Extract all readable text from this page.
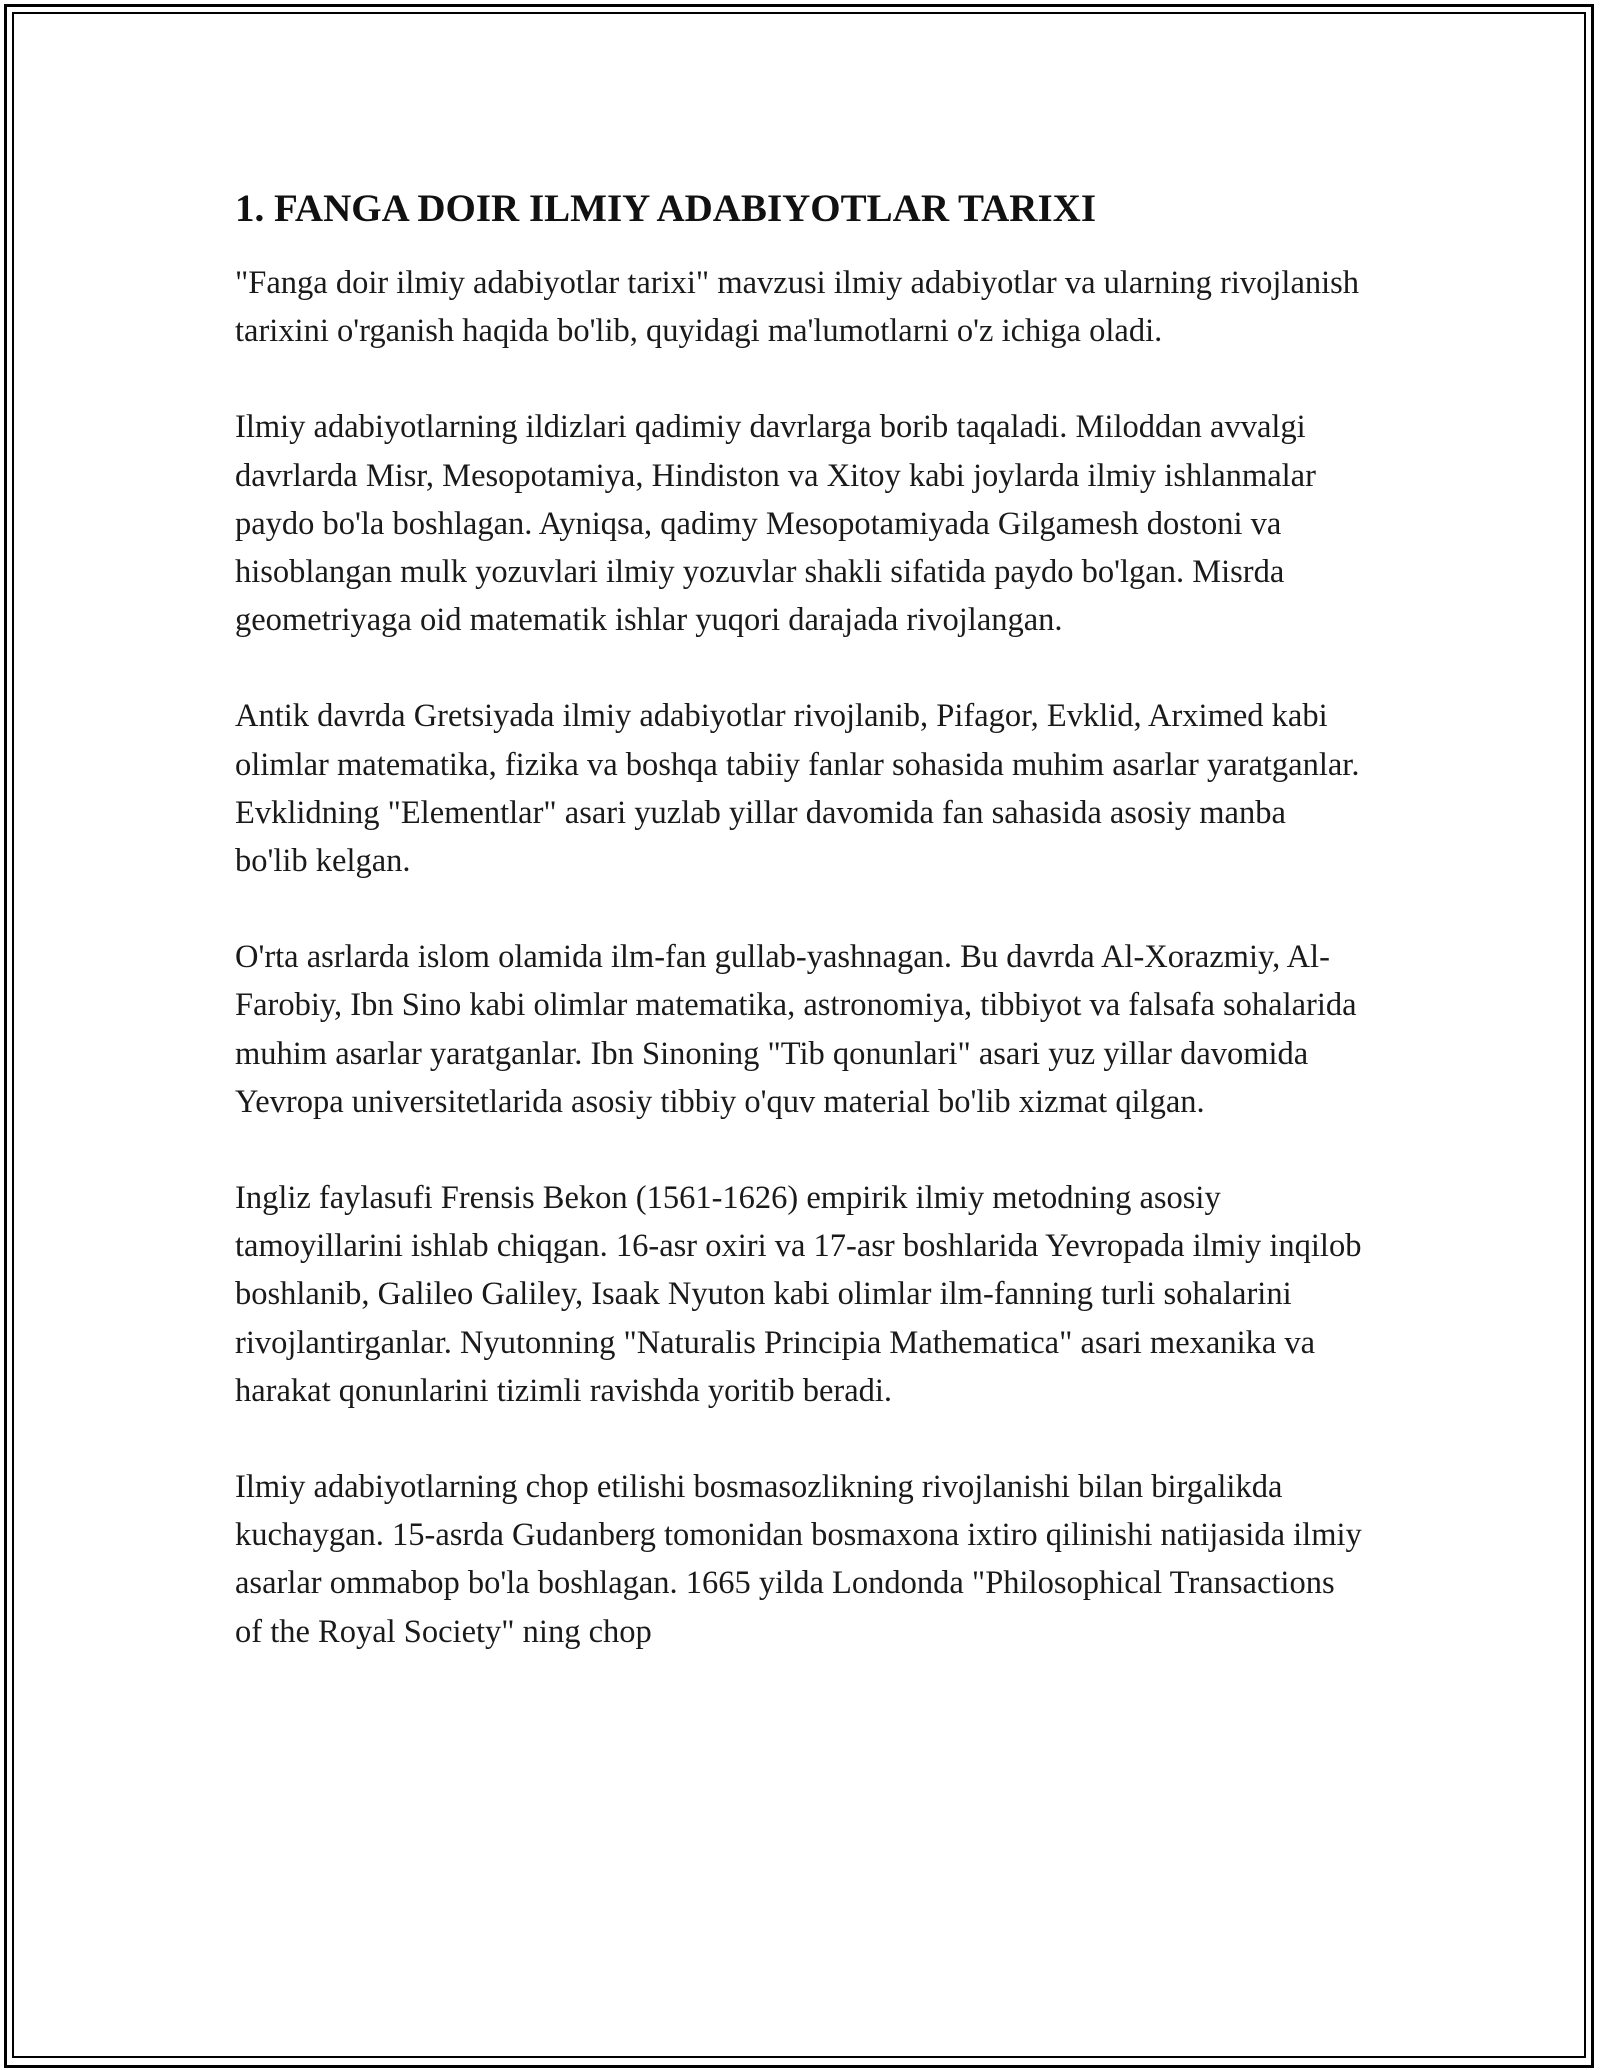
1. FANGA DOIR ILMIY ADABIYOTLAR TARIXI

"Fanga doir ilmiy adabiyotlar tarixi" mavzusi ilmiy adabiyotlar va ularning rivojlanish tarixini o'rganish haqida bo'lib, quyidagi ma'lumotlarni o'z ichiga oladi.

Ilmiy adabiyotlarning ildizlari qadimiy davrlarga borib taqaladi. Miloddan avvalgi davrlarda Misr, Mesopotamiya, Hindiston va Xitoy kabi joylarda ilmiy ishlanmalar paydo bo'la boshlagan. Ayniqsa, qadimy Mesopotamiyada Gilgamesh dostoni va hisoblangan mulk yozuvlari ilmiy yozuvlar shakli sifatida paydo bo'lgan. Misrda geometriyaga oid matematik ishlar yuqori darajada rivojlangan.

Antik davrda Gretsiyada ilmiy adabiyotlar rivojlanib, Pifagor, Evklid, Arximed kabi olimlar matematika, fizika va boshqa tabiiy fanlar sohasida muhim asarlar yaratganlar. Evklidning "Elementlar" asari yuzlab yillar davomida fan sahasida asosiy manba bo'lib kelgan.

O'rta asrlarda islom olamida ilm-fan gullab-yashnagan. Bu davrda Al-Xorazmiy, Al-Farobiy, Ibn Sino kabi olimlar matematika, astronomiya, tibbiyot va falsafa sohalarida muhim asarlar yaratganlar. Ibn Sinoning "Tib qonunlari" asari yuz yillar davomida Yevropa universitetlarida asosiy tibbiy o'quv material bo'lib xizmat qilgan.

Ingliz faylasufi Frensis Bekon (1561-1626) empirik ilmiy metodning asosiy tamoyillarini ishlab chiqgan. 16-asr oxiri va 17-asr boshlarida Yevropada ilmiy inqilob boshlanib, Galileo Galiley, Isaak Nyuton kabi olimlar ilm-fanning turli sohalarini rivojlantirganlar. Nyutonning "Naturalis Principia Mathematica" asari mexanika va harakat qonunlarini tizimli ravishda yoritib beradi.

Ilmiy adabiyotlarning chop etilishi bosmasozlikning rivojlanishi bilan birgalikda kuchaygan. 15-asrda Gudanberg tomonidan bosmaxona ixtiro qilinishi natijasida ilmiy asarlar ommabop bo'la boshlagan. 1665 yilda Londonda "Philosophical Transactions of the Royal Society" ning chop
